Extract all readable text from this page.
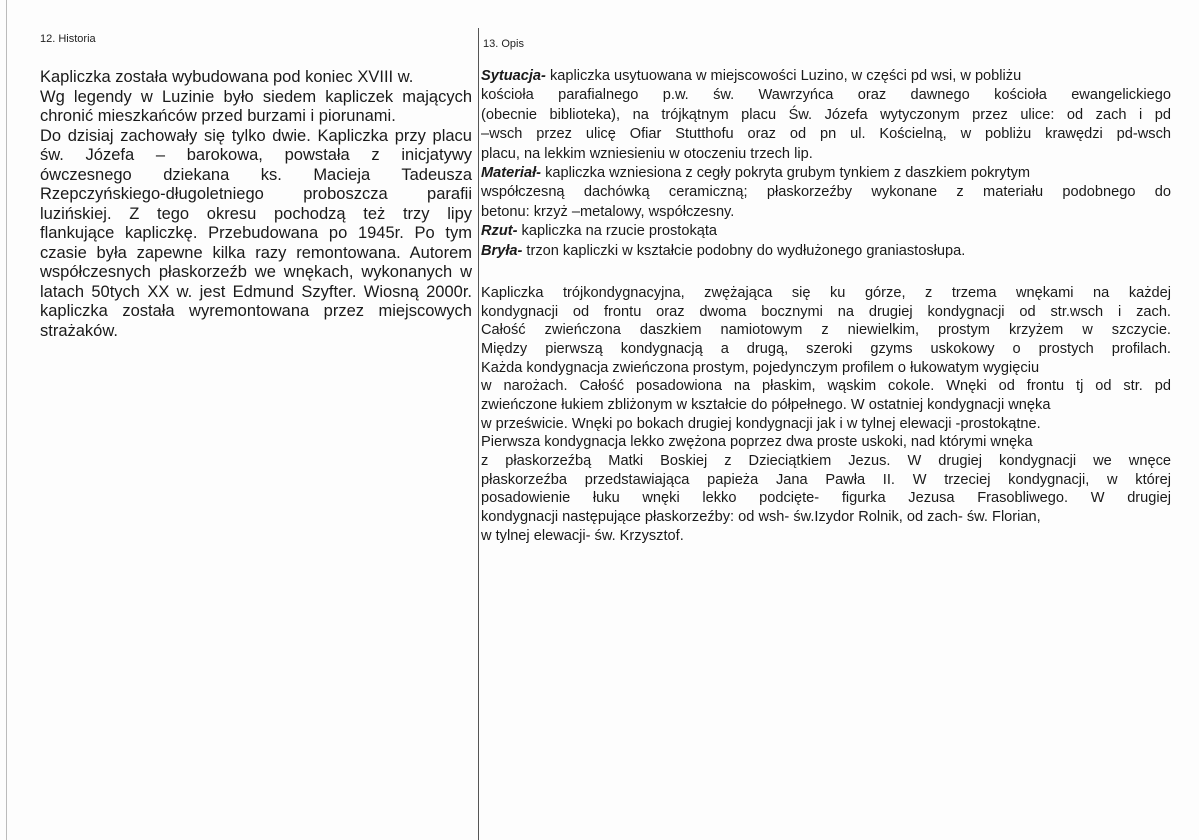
12. Historia	13. Opis
Kapliczka została wybudowana pod koniec XVIII w.
Wg legendy w Luzinie było siedem kapliczek mających
chronić mieszkańców przed burzami i piorunami.
Do dzisiaj zachowały się tylko dwie. Kapliczka przy placu
św. Józefa – barokowa, powstała z inicjatywy
ówczesnego dziekana ks. Macieja Tadeusza
Rzepczyńskiego-długoletniego proboszcza parafii
luzińskiej. Z tego okresu pochodzą też trzy lipy
flankujące kapliczkę. Przebudowana po 1945r. Po tym
czasie była zapewne kilka razy remontowana. Autorem
współczesnych płaskorzeźb we wnękach, wykonanych w
latach 50tych XX w. jest Edmund Szyfter. Wiosną 2000r.
kapliczka została wyremontowana przez miejscowych
strażaków.
Sytuacja- kapliczka usytuowana w miejscowości Luzino, w części pd wsi, w pobliżu
kościoła parafialnego p.w. św. Wawrzyńca oraz dawnego kościoła ewangelickiego
(obecnie biblioteka), na trójkątnym placu Św. Józefa wytyczonym przez ulice: od zach i pd
–wsch przez ulicę Ofiar Stutthofu oraz od pn ul. Kościelną, w pobliżu krawędzi pd-wsch
placu, na lekkim wzniesieniu w otoczeniu trzech lip.
Materiał- kapliczka wzniesiona z cegły pokryta grubym tynkiem z daszkiem pokrytym
współczesną dachówką ceramiczną; płaskorzeźby wykonane z materiału podobnego do
betonu: krzyż –metalowy, współczesny.
Rzut- kapliczka na rzucie prostokąta
Bryła- trzon kapliczki w kształcie podobny do wydłużonego graniastosłupa.
Kapliczka trójkondygnacyjna, zwężająca się ku górze, z trzema wnękami na każdej
kondygnacji od frontu oraz dwoma bocznymi na drugiej kondygnacji od str.wsch i zach.
Całość zwieńczona daszkiem namiotowym z niewielkim, prostym krzyżem w szczycie.
Między pierwszą kondygnacją a drugą, szeroki gzyms uskokowy o prostych profilach.
Każda kondygnacja zwieńczona prostym, pojedynczym profilem o łukowatym wygięciu
w narożach. Całość posadowiona na płaskim, wąskim cokole. Wnęki od frontu tj od str. pd
zwieńczone łukiem zbliżonym w kształcie do półpełnego. W ostatniej kondygnacji wnęka
w prześwicie. Wnęki po bokach drugiej kondygnacji jak i w tylnej elewacji -prostokątne.
Pierwsza kondygnacja lekko zwężona poprzez dwa proste uskoki, nad którymi wnęka
z płaskorzeźbą Matki Boskiej z Dzieciątkiem Jezus. W drugiej kondygnacji we wnęce
płaskorzeźba przedstawiająca papieża Jana Pawła II. W trzeciej kondygnacji, w której
posadowienie łuku wnęki lekko podcięte- figurka Jezusa Frasobliwego. W drugiej
kondygnacji następujące płaskorzeźby: od wsh- św.Izydor Rolnik, od zach- św. Florian,
w tylnej elewacji- św. Krzysztof.
